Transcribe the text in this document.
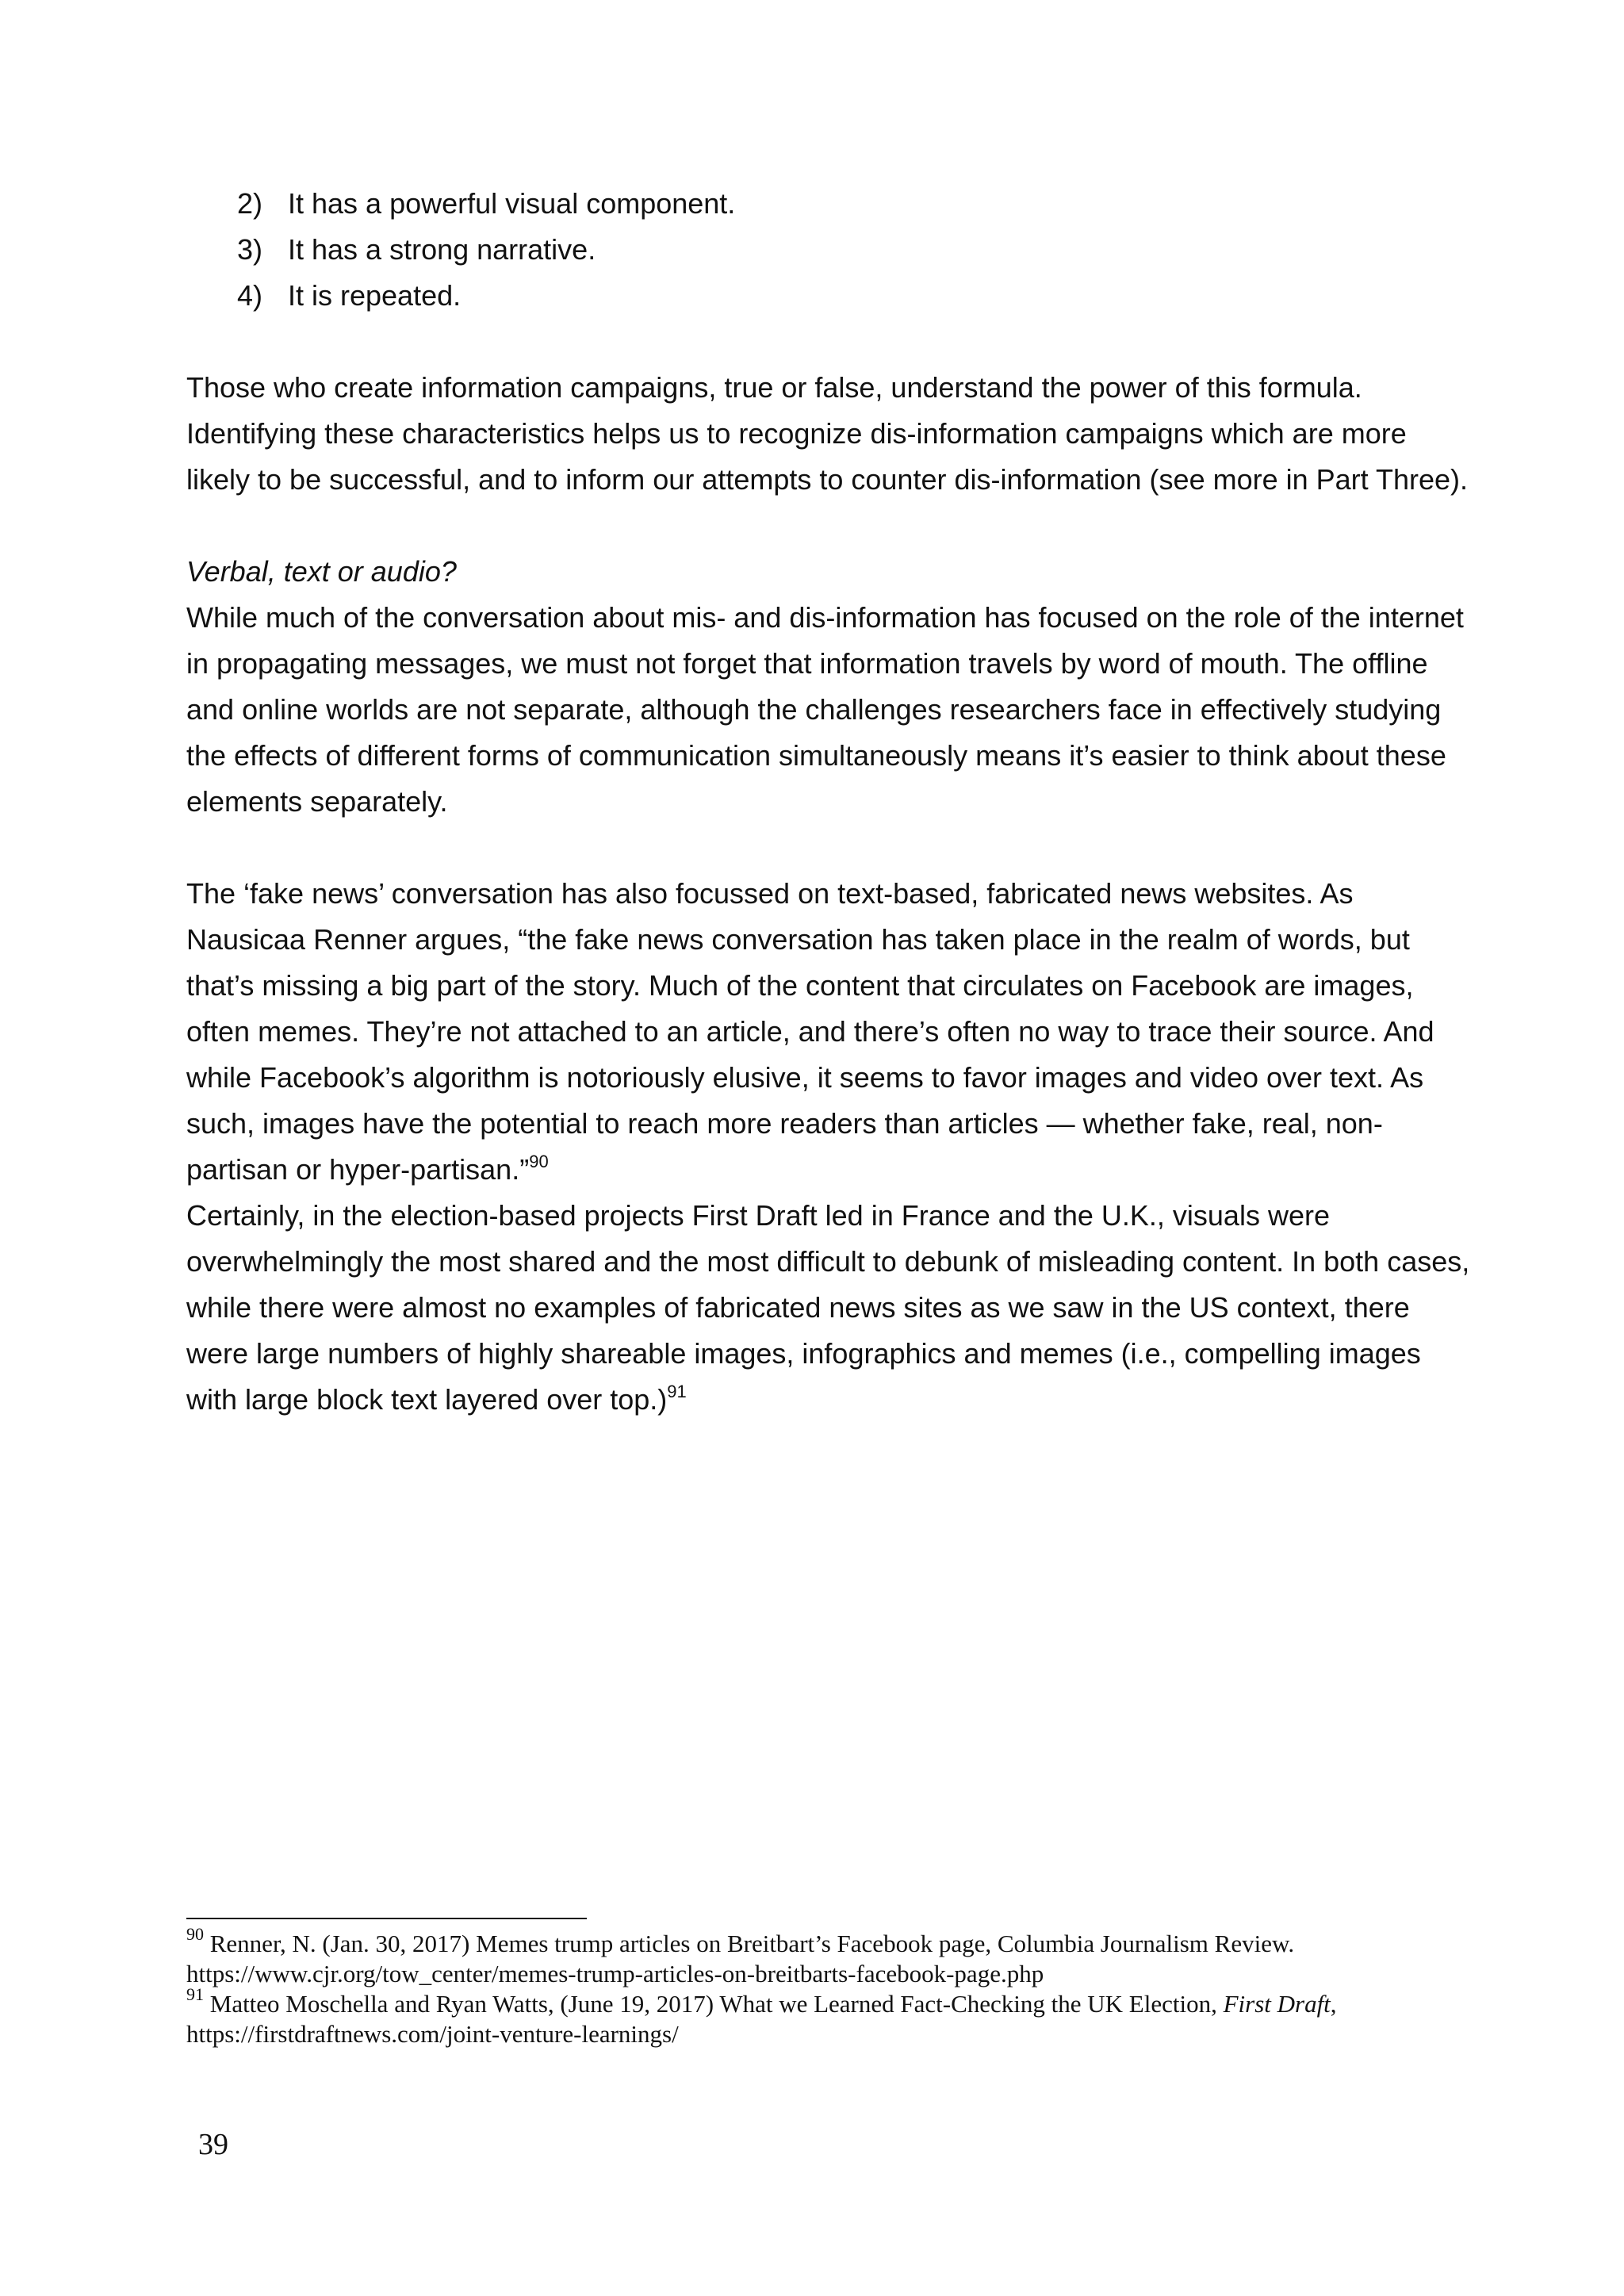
2) It has a powerful visual component.
3) It has a strong narrative.
4) It is repeated.

Those who create information campaigns, true or false, understand the power of this formula. Identifying these characteristics helps us to recognize dis-information campaigns which are more likely to be successful, and to inform our attempts to counter dis-information (see more in Part Three).

Verbal, text or audio?

While much of the conversation about mis- and dis-information has focused on the role of the internet in propagating messages, we must not forget that information travels by word of mouth. The offline and online worlds are not separate, although the challenges researchers face in effectively studying the effects of different forms of communication simultaneously means it’s easier to think about these elements separately.

The ‘fake news’ conversation has also focussed on text-based, fabricated news websites. As Nausicaa Renner argues, “the fake news conversation has taken place in the realm of words, but that’s missing a big part of the story. Much of the content that circulates on Facebook are images, often memes. They’re not attached to an article, and there’s often no way to trace their source. And while Facebook’s algorithm is notoriously elusive, it seems to favor images and video over text. As such, images have the potential to reach more readers than articles — whether fake, real, non-partisan or hyper-partisan.”$^{90}$

Certainly, in the election-based projects First Draft led in France and the U.K., visuals were overwhelmingly the most shared and the most difficult to debunk of misleading content. In both cases, while there were almost no examples of fabricated news sites as we saw in the US context, there were large numbers of highly shareable images, infographics and memes (i.e., compelling images with large block text layered over top.)$^{91}$

$^{90}$ Renner, N. (Jan. 30, 2017) Memes trump articles on Breitbart’s Facebook page, Columbia Journalism Review. https://www.cjr.org/tow_center/memes-trump-articles-on-breitbarts-facebook-page.php

$^{91}$ Matteo Moschella and Ryan Watts, (June 19, 2017) What we Learned Fact-Checking the UK Election, First Draft, https://firstdraftnews.com/joint-venture-learnings/

39
